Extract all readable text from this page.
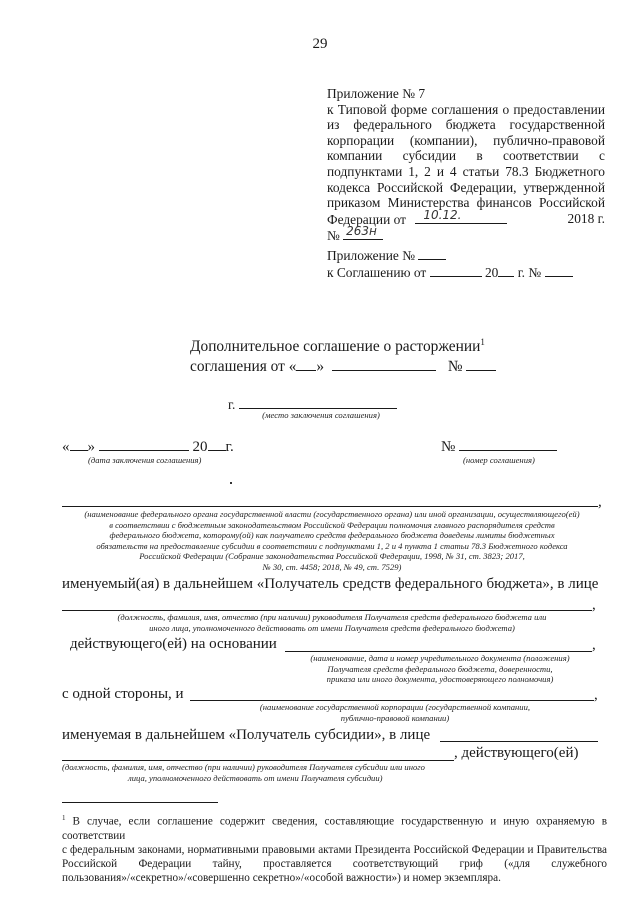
29
Приложение № 7
к Типовой форме соглашения о предоставлении
из федерального бюджета государственной
корпорации (компании), публично-правовой
компании субсидии в соответствии с
подпунктами 1, 2 и 4 статьи 78.3 Бюджетного
кодекса Российской Федерации, утвержденной
приказом Министерства финансов Российской
Федерации от 10.12.	2018 г.
№ 263н
Приложение №
к Соглашению от	20 г. №
Дополнительное соглашение о расторжении$^1$
соглашения от « »	№
г.
(место заключения соглашения)
« »	20 г.
(дата заключения соглашения)
№
(номер соглашения)
,
(наименование федерального органа государственной власти (государственного органа) или иной организации, осуществляющего(ей)
в соответствии с бюджетным законодательством Российской Федерации полномочия главного распорядителя средств
федерального бюджета, которому(ой) как получателю средств федерального бюджета доведены лимиты бюджетных
обязательств на предоставление субсидии в соответствии с подпунктами 1, 2 и 4 пункта 1 статьи 78.3 Бюджетного кодекса
Российской Федерации (Собрание законодательства Российской Федерации, 1998, № 31, ст. 3823; 2017,
№ 30, ст. 4458; 2018, № 49, ст. 7529)
именуемый(ая) в дальнейшем «Получатель средств федерального бюджета», в лице
,
(должность, фамилия, имя, отчество (при наличии) руководителя Получателя средств федерального бюджета или
иного лица, уполномоченного действовать от имени Получателя средств федерального бюджета)
действующего(ей) на основании	,
(наименование, дата и номер учредительного документа (положения)
Получателя средств федерального бюджета, доверенности,
приказа или иного документа, удостоверяющего полномочия)
с одной стороны, и	,
(наименование государственной корпорации (государственной компании,
публично-правовой компании)
именуемая в дальнейшем «Получатель субсидии», в лице
, действующего(ей)
(должность, фамилия, имя, отчество (при наличии) руководителя Получателя субсидии или иного
лица, уполномоченного действовать от имени Получателя субсидии)
$^1$ В случае, если соглашение содержит сведения, составляющие государственную и иную охраняемую в соответствии
с федеральным законами, нормативными правовыми актами Президента Российской Федерации и Правительства
Российской Федерации тайну, проставляется соответствующий гриф («для служебного
пользования»/«секретно»/«совершенно секретно»/«особой важности») и номер экземпляра.
